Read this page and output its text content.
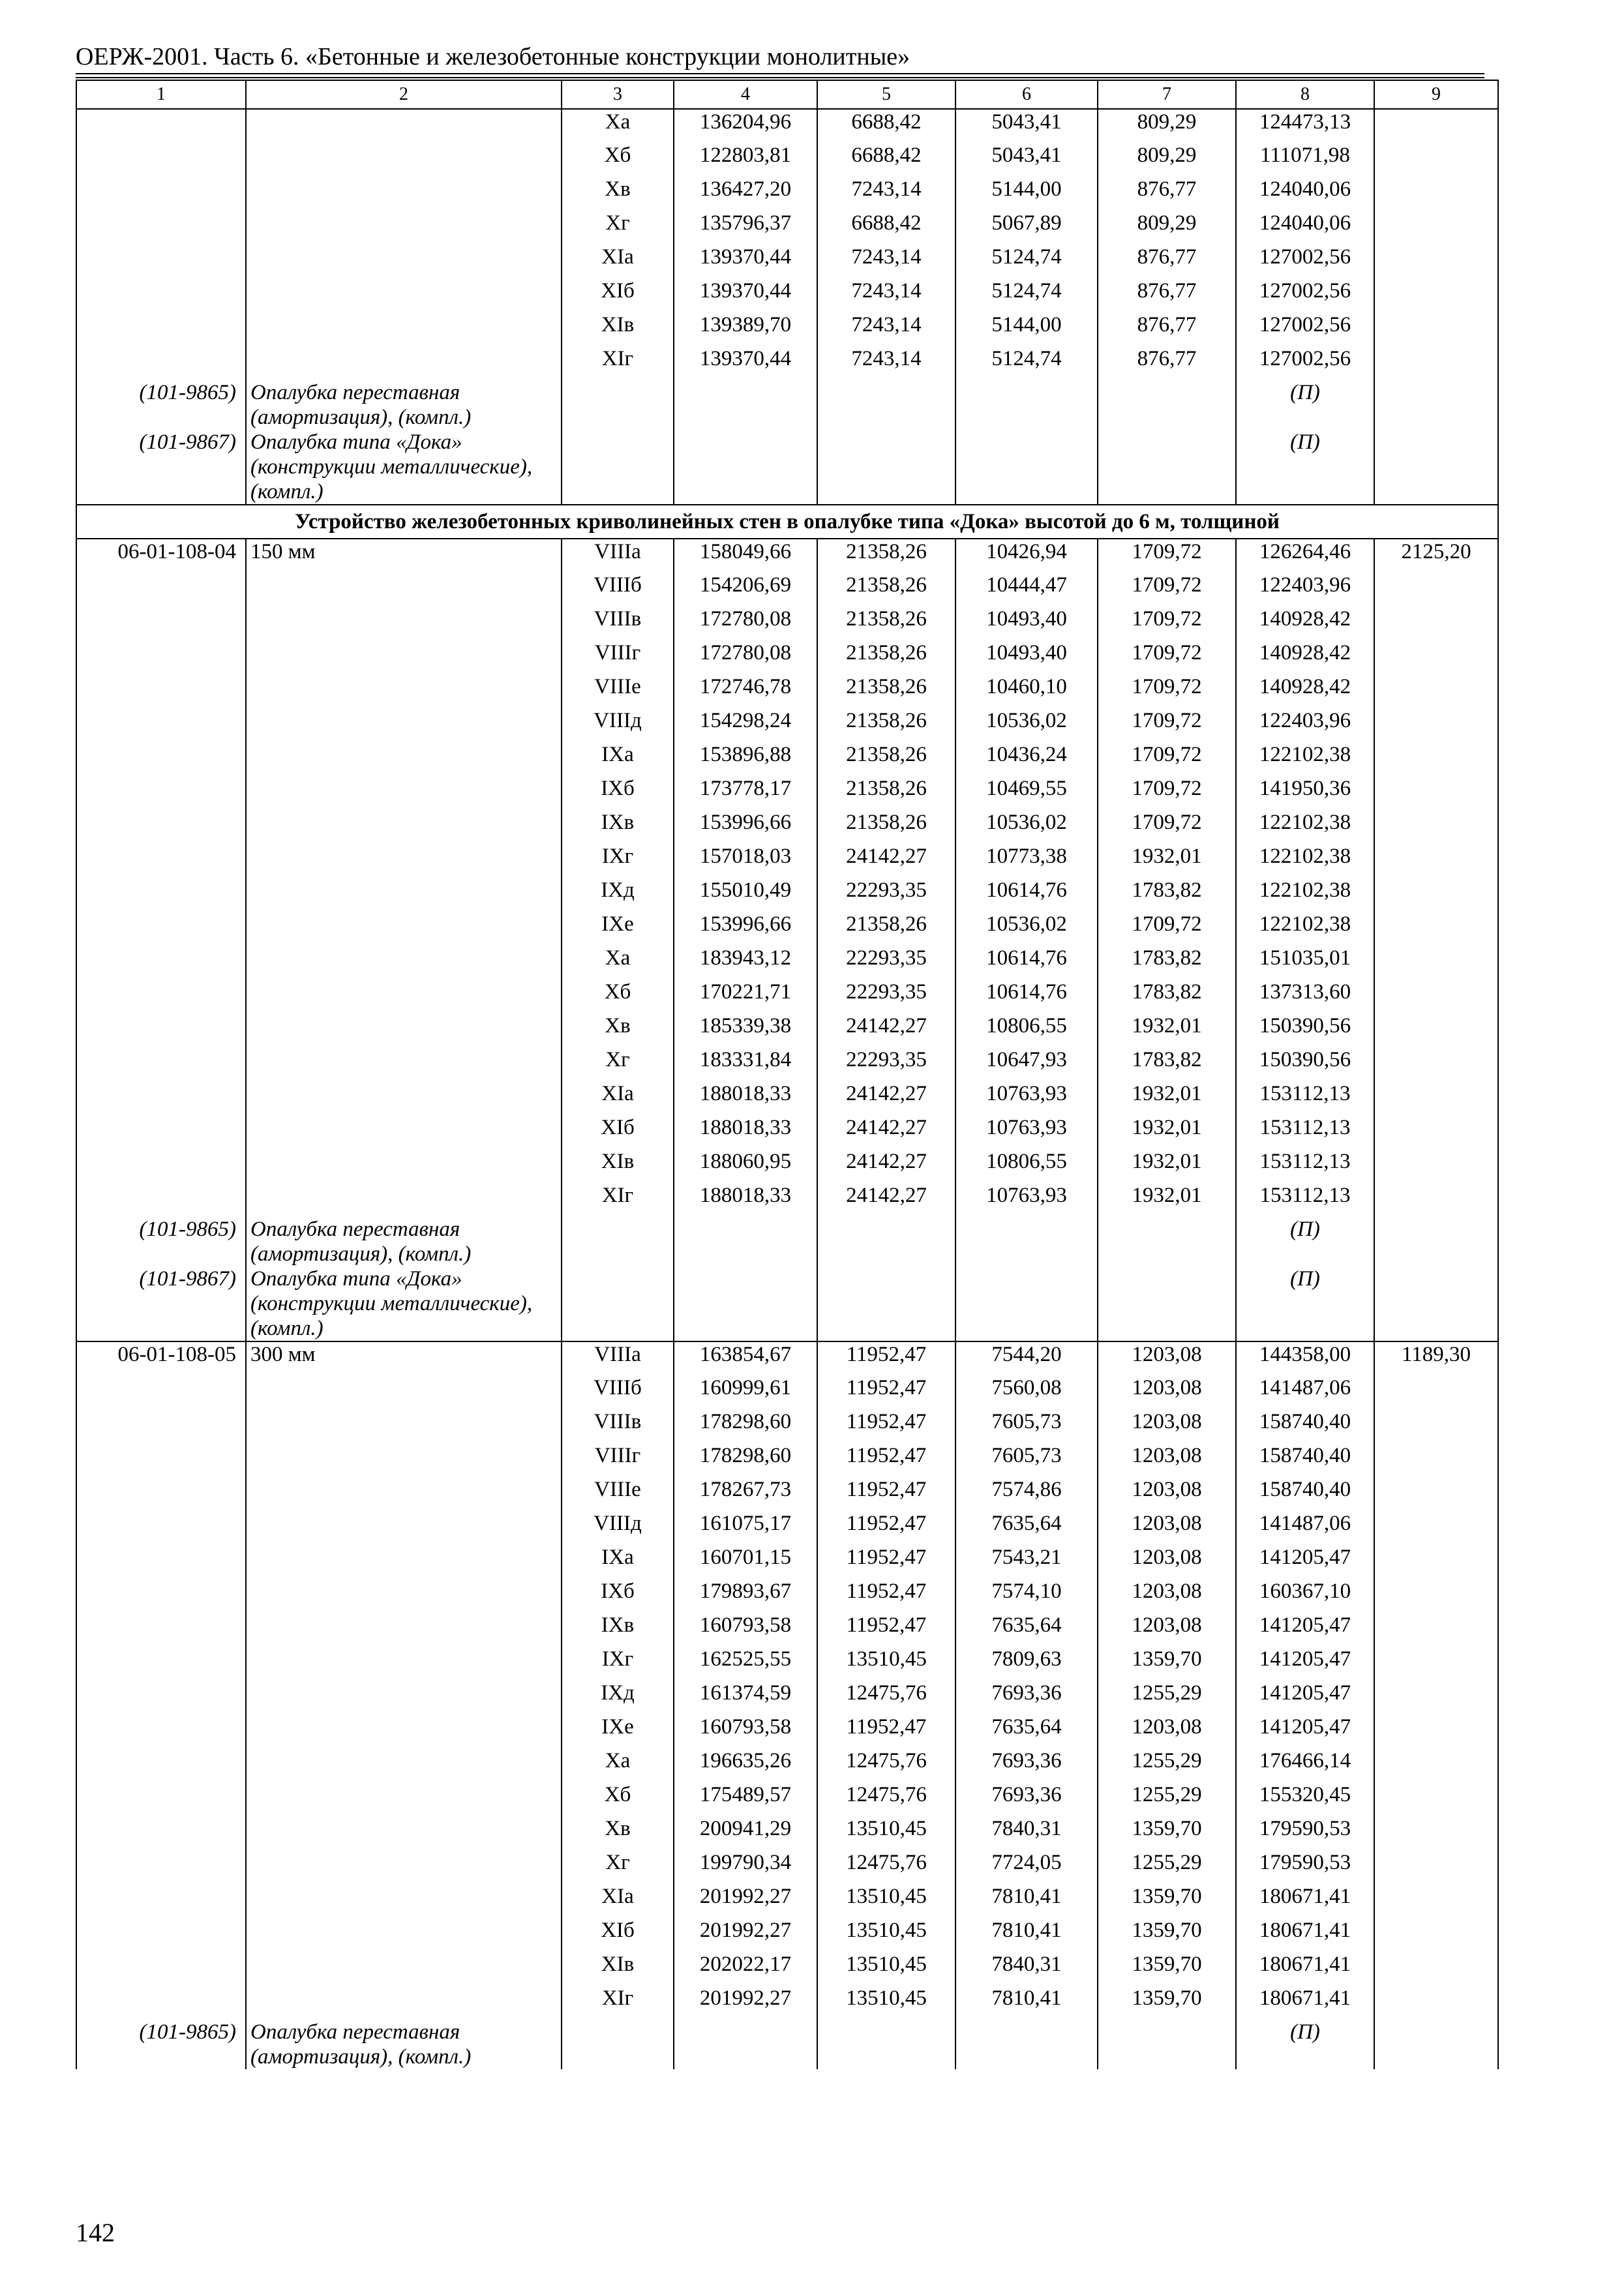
ОЕРЖ-2001. Часть 6. «Бетонные и железобетонные конструкции монолитные»
1	2	3	4	5	6	7	8	9
		Xa	136204,96	6688,42	5043,41	809,29	124473,13	
		Xб	122803,81	6688,42	5043,41	809,29	111071,98	
		Xв	136427,20	7243,14	5144,00	876,77	124040,06	
		Xг	135796,37	6688,42	5067,89	809,29	124040,06	
		XIa	139370,44	7243,14	5124,74	876,77	127002,56	
		XIб	139370,44	7243,14	5124,74	876,77	127002,56	
		XIв	139389,70	7243,14	5144,00	876,77	127002,56	
		XIг	139370,44	7243,14	5124,74	876,77	127002,56	
(101-9865)	Опалубка переставная (амортизация), (компл.)						(П)	
(101-9867)	Опалубка типа «Дока» (конструкции металлические), (компл.)						(П)	
Устройство железобетонных криволинейных стен в опалубке типа «Дока» высотой до 6 м, толщиной								
06-01-108-04	150 мм	VIIIa	158049,66	21358,26	10426,94	1709,72	126264,46	2125,20
		VIIIб	154206,69	21358,26	10444,47	1709,72	122403,96	
		VIIIв	172780,08	21358,26	10493,40	1709,72	140928,42	
		VIIIг	172780,08	21358,26	10493,40	1709,72	140928,42	
		VIIIe	172746,78	21358,26	10460,10	1709,72	140928,42	
		VIIIд	154298,24	21358,26	10536,02	1709,72	122403,96	
		IXa	153896,88	21358,26	10436,24	1709,72	122102,38	
		IXб	173778,17	21358,26	10469,55	1709,72	141950,36	
		IXв	153996,66	21358,26	10536,02	1709,72	122102,38	
		IXг	157018,03	24142,27	10773,38	1932,01	122102,38	
		IXд	155010,49	22293,35	10614,76	1783,82	122102,38	
		IXe	153996,66	21358,26	10536,02	1709,72	122102,38	
		Xa	183943,12	22293,35	10614,76	1783,82	151035,01	
		Xб	170221,71	22293,35	10614,76	1783,82	137313,60	
		Xв	185339,38	24142,27	10806,55	1932,01	150390,56	
		Xг	183331,84	22293,35	10647,93	1783,82	150390,56	
		XIa	188018,33	24142,27	10763,93	1932,01	153112,13	
		XIб	188018,33	24142,27	10763,93	1932,01	153112,13	
		XIв	188060,95	24142,27	10806,55	1932,01	153112,13	
		XIг	188018,33	24142,27	10763,93	1932,01	153112,13	
(101-9865)	Опалубка переставная (амортизация), (компл.)						(П)	
(101-9867)	Опалубка типа «Дока» (конструкции металлические), (компл.)						(П)	
06-01-108-05	300 мм	VIIIa	163854,67	11952,47	7544,20	1203,08	144358,00	1189,30
		VIIIб	160999,61	11952,47	7560,08	1203,08	141487,06	
		VIIIв	178298,60	11952,47	7605,73	1203,08	158740,40	
		VIIIг	178298,60	11952,47	7605,73	1203,08	158740,40	
		VIIIe	178267,73	11952,47	7574,86	1203,08	158740,40	
		VIIIд	161075,17	11952,47	7635,64	1203,08	141487,06	
		IXa	160701,15	11952,47	7543,21	1203,08	141205,47	
		IXб	179893,67	11952,47	7574,10	1203,08	160367,10	
		IXв	160793,58	11952,47	7635,64	1203,08	141205,47	
		IXг	162525,55	13510,45	7809,63	1359,70	141205,47	
		IXд	161374,59	12475,76	7693,36	1255,29	141205,47	
		IXe	160793,58	11952,47	7635,64	1203,08	141205,47	
		Xa	196635,26	12475,76	7693,36	1255,29	176466,14	
		Xб	175489,57	12475,76	7693,36	1255,29	155320,45	
		Xв	200941,29	13510,45	7840,31	1359,70	179590,53	
		Xг	199790,34	12475,76	7724,05	1255,29	179590,53	
		XIa	201992,27	13510,45	7810,41	1359,70	180671,41	
		XIб	201992,27	13510,45	7810,41	1359,70	180671,41	
		XIв	202022,17	13510,45	7840,31	1359,70	180671,41	
		XIг	201992,27	13510,45	7810,41	1359,70	180671,41	
(101-9865)	Опалубка переставная (амортизация), (компл.)						(П)	
142
